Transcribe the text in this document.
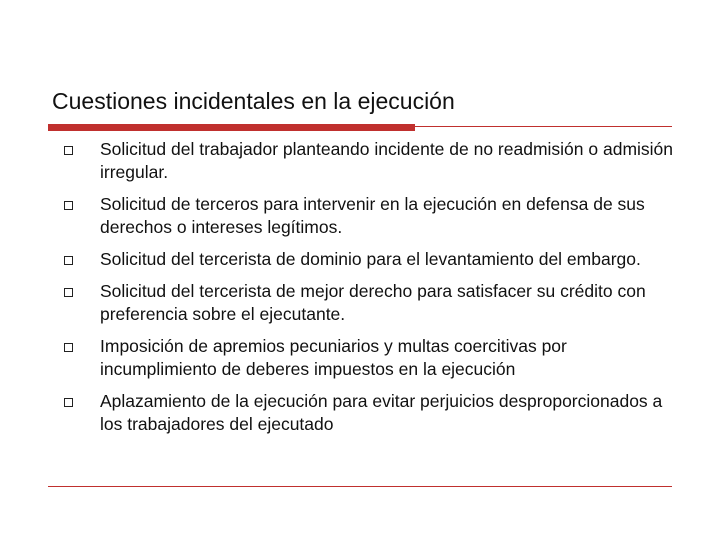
Cuestiones incidentales en la ejecución
Solicitud del trabajador planteando incidente de no readmisión o admisión irregular.
Solicitud de terceros para intervenir en la ejecución en defensa de sus derechos o intereses legítimos.
Solicitud del tercerista de dominio para el levantamiento del embargo.
Solicitud del tercerista de mejor derecho para satisfacer su crédito con preferencia sobre el ejecutante.
Imposición de apremios pecuniarios y multas coercitivas por incumplimiento de deberes impuestos en la ejecución
Aplazamiento de la ejecución para evitar perjuicios desproporcionados a los trabajadores del ejecutado
